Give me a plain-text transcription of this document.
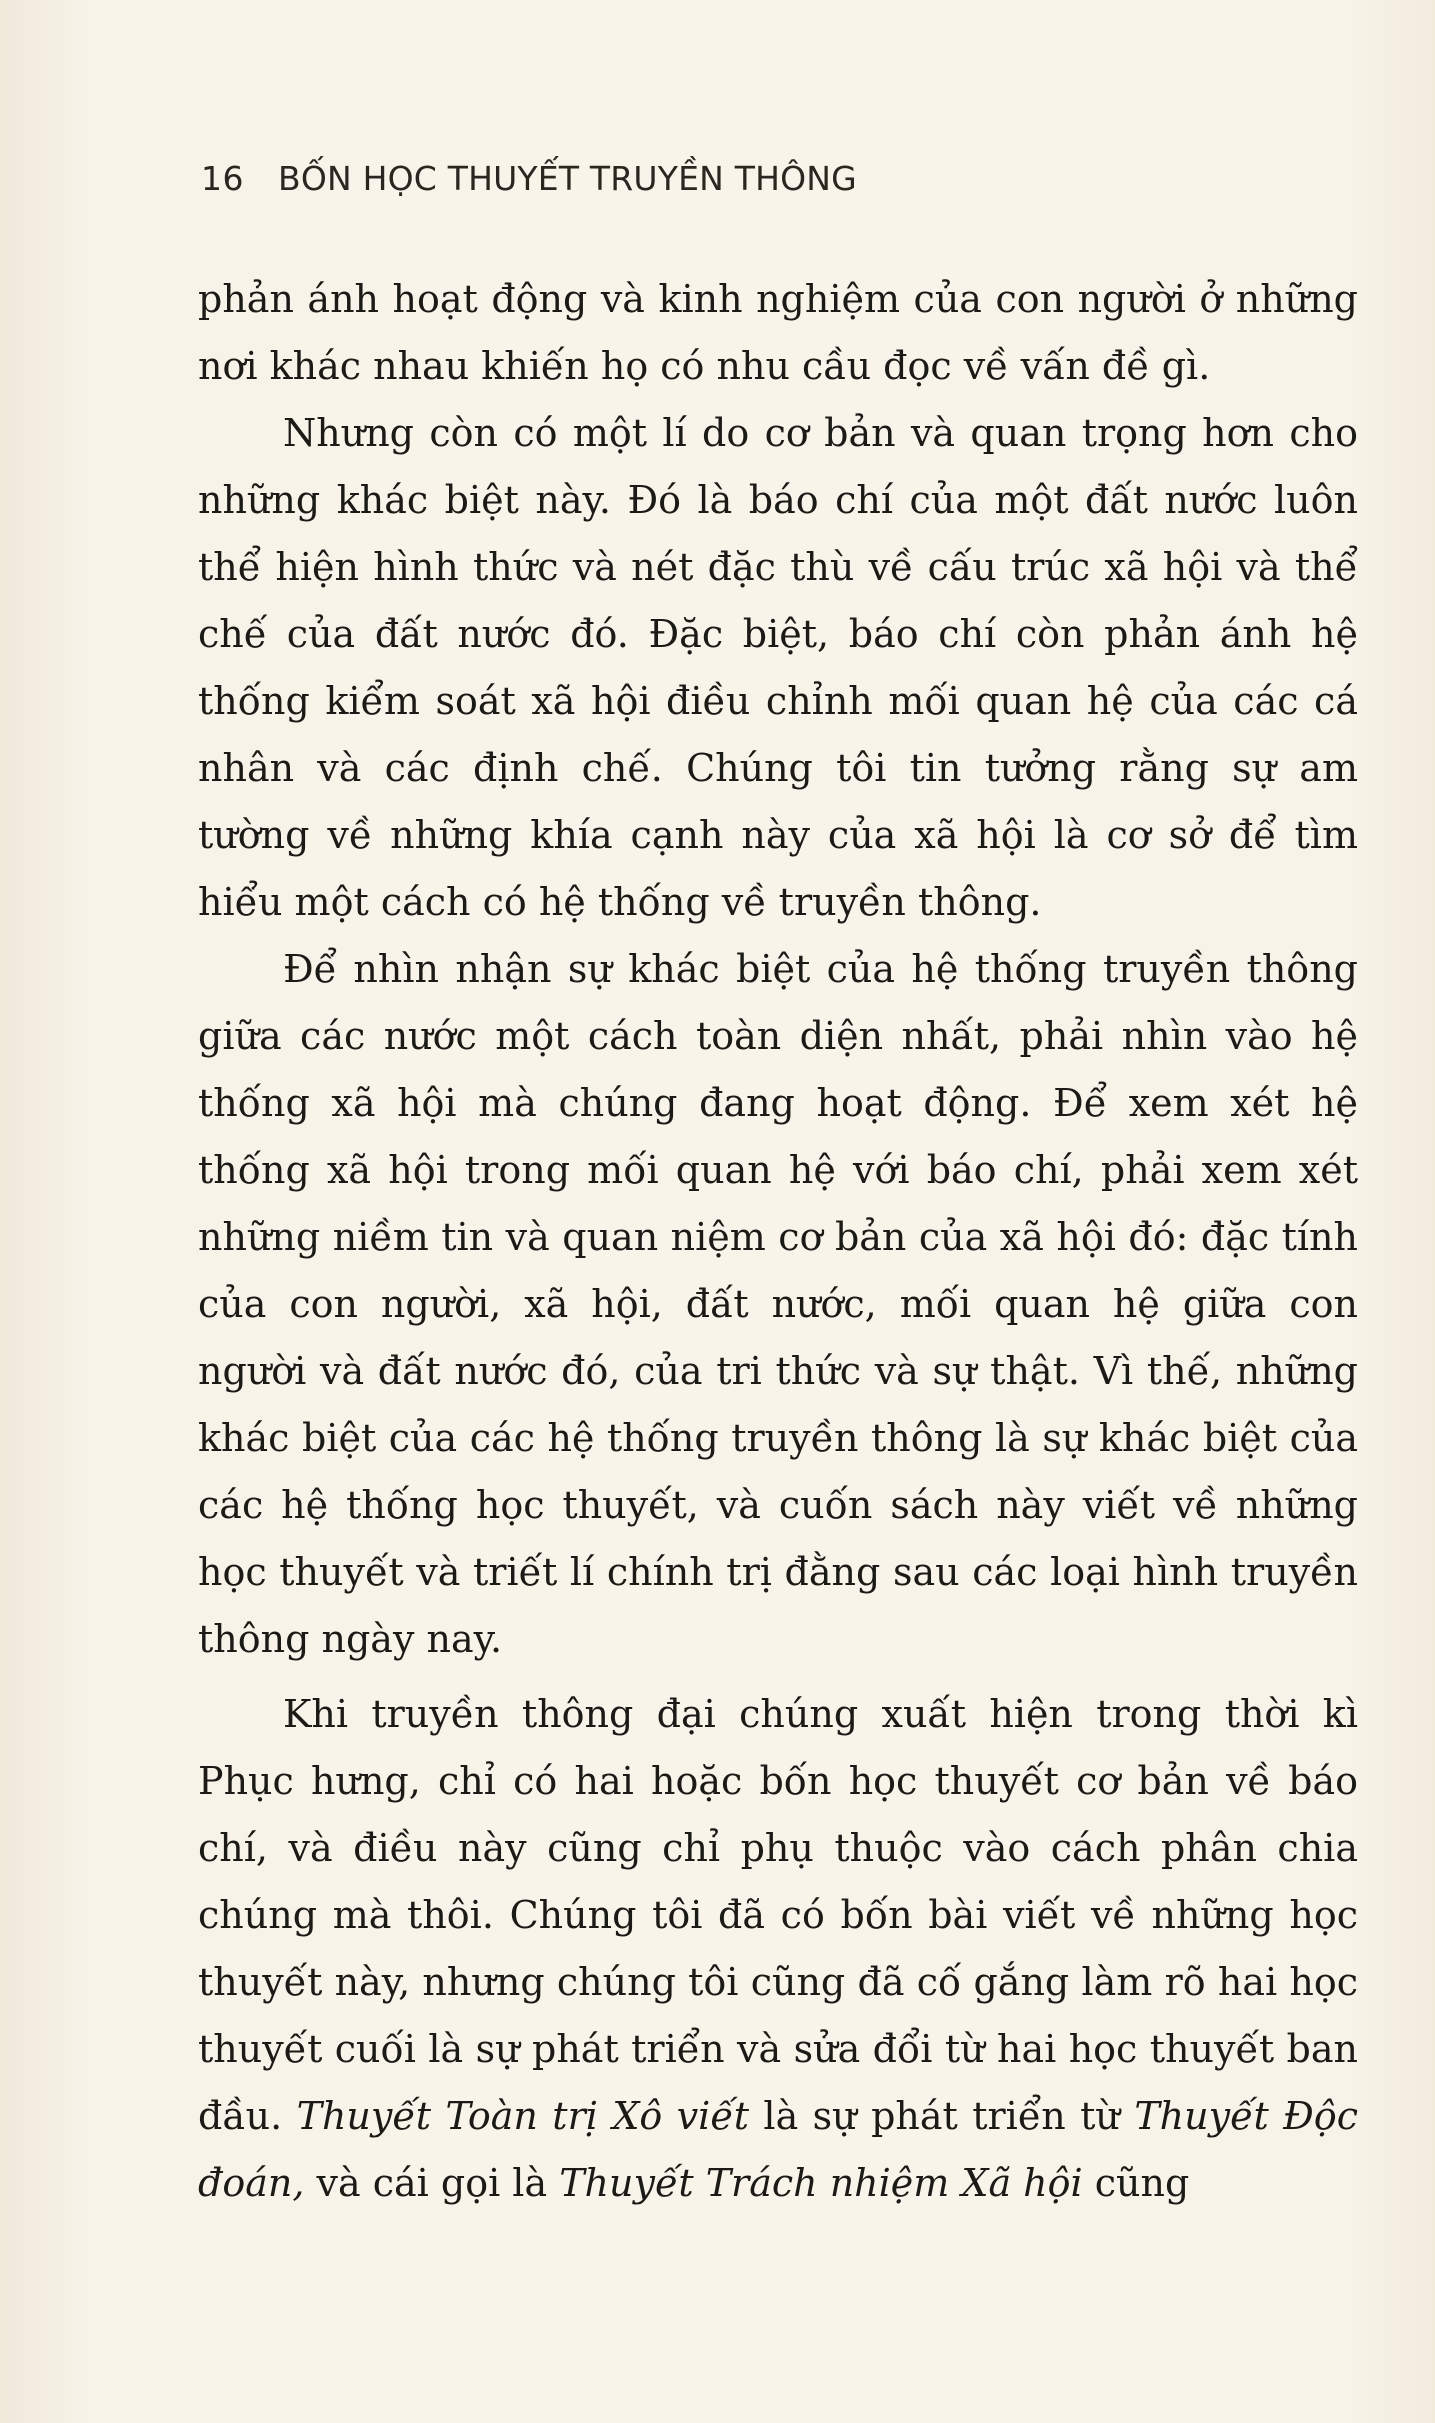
16 BỐN HỌC THUYẾT TRUYỀN THÔNG

phản ánh hoạt động và kinh nghiệm của con người ở những nơi khác nhau khiến họ có nhu cầu đọc về vấn đề gì.

Nhưng còn có một lí do cơ bản và quan trọng hơn cho những khác biệt này. Đó là báo chí của một đất nước luôn thể hiện hình thức và nét đặc thù về cấu trúc xã hội và thể chế của đất nước đó. Đặc biệt, báo chí còn phản ánh hệ thống kiểm soát xã hội điều chỉnh mối quan hệ của các cá nhân và các định chế. Chúng tôi tin tưởng rằng sự am tường về những khía cạnh này của xã hội là cơ sở để tìm hiểu một cách có hệ thống về truyền thông.

Để nhìn nhận sự khác biệt của hệ thống truyền thông giữa các nước một cách toàn diện nhất, phải nhìn vào hệ thống xã hội mà chúng đang hoạt động. Để xem xét hệ thống xã hội trong mối quan hệ với báo chí, phải xem xét những niềm tin và quan niệm cơ bản của xã hội đó: đặc tính của con người, xã hội, đất nước, mối quan hệ giữa con người và đất nước đó, của tri thức và sự thật. Vì thế, những khác biệt của các hệ thống truyền thông là sự khác biệt của các hệ thống học thuyết, và cuốn sách này viết về những học thuyết và triết lí chính trị đằng sau các loại hình truyền thông ngày nay.

Khi truyền thông đại chúng xuất hiện trong thời kì Phục hưng, chỉ có hai hoặc bốn học thuyết cơ bản về báo chí, và điều này cũng chỉ phụ thuộc vào cách phân chia chúng mà thôi. Chúng tôi đã có bốn bài viết về những học thuyết này, nhưng chúng tôi cũng đã cố gắng làm rõ hai học thuyết cuối là sự phát triển và sửa đổi từ hai học thuyết ban đầu. Thuyết Toàn trị Xô viết là sự phát triển từ Thuyết Độc đoán, và cái gọi là Thuyết Trách nhiệm Xã hội cũng
